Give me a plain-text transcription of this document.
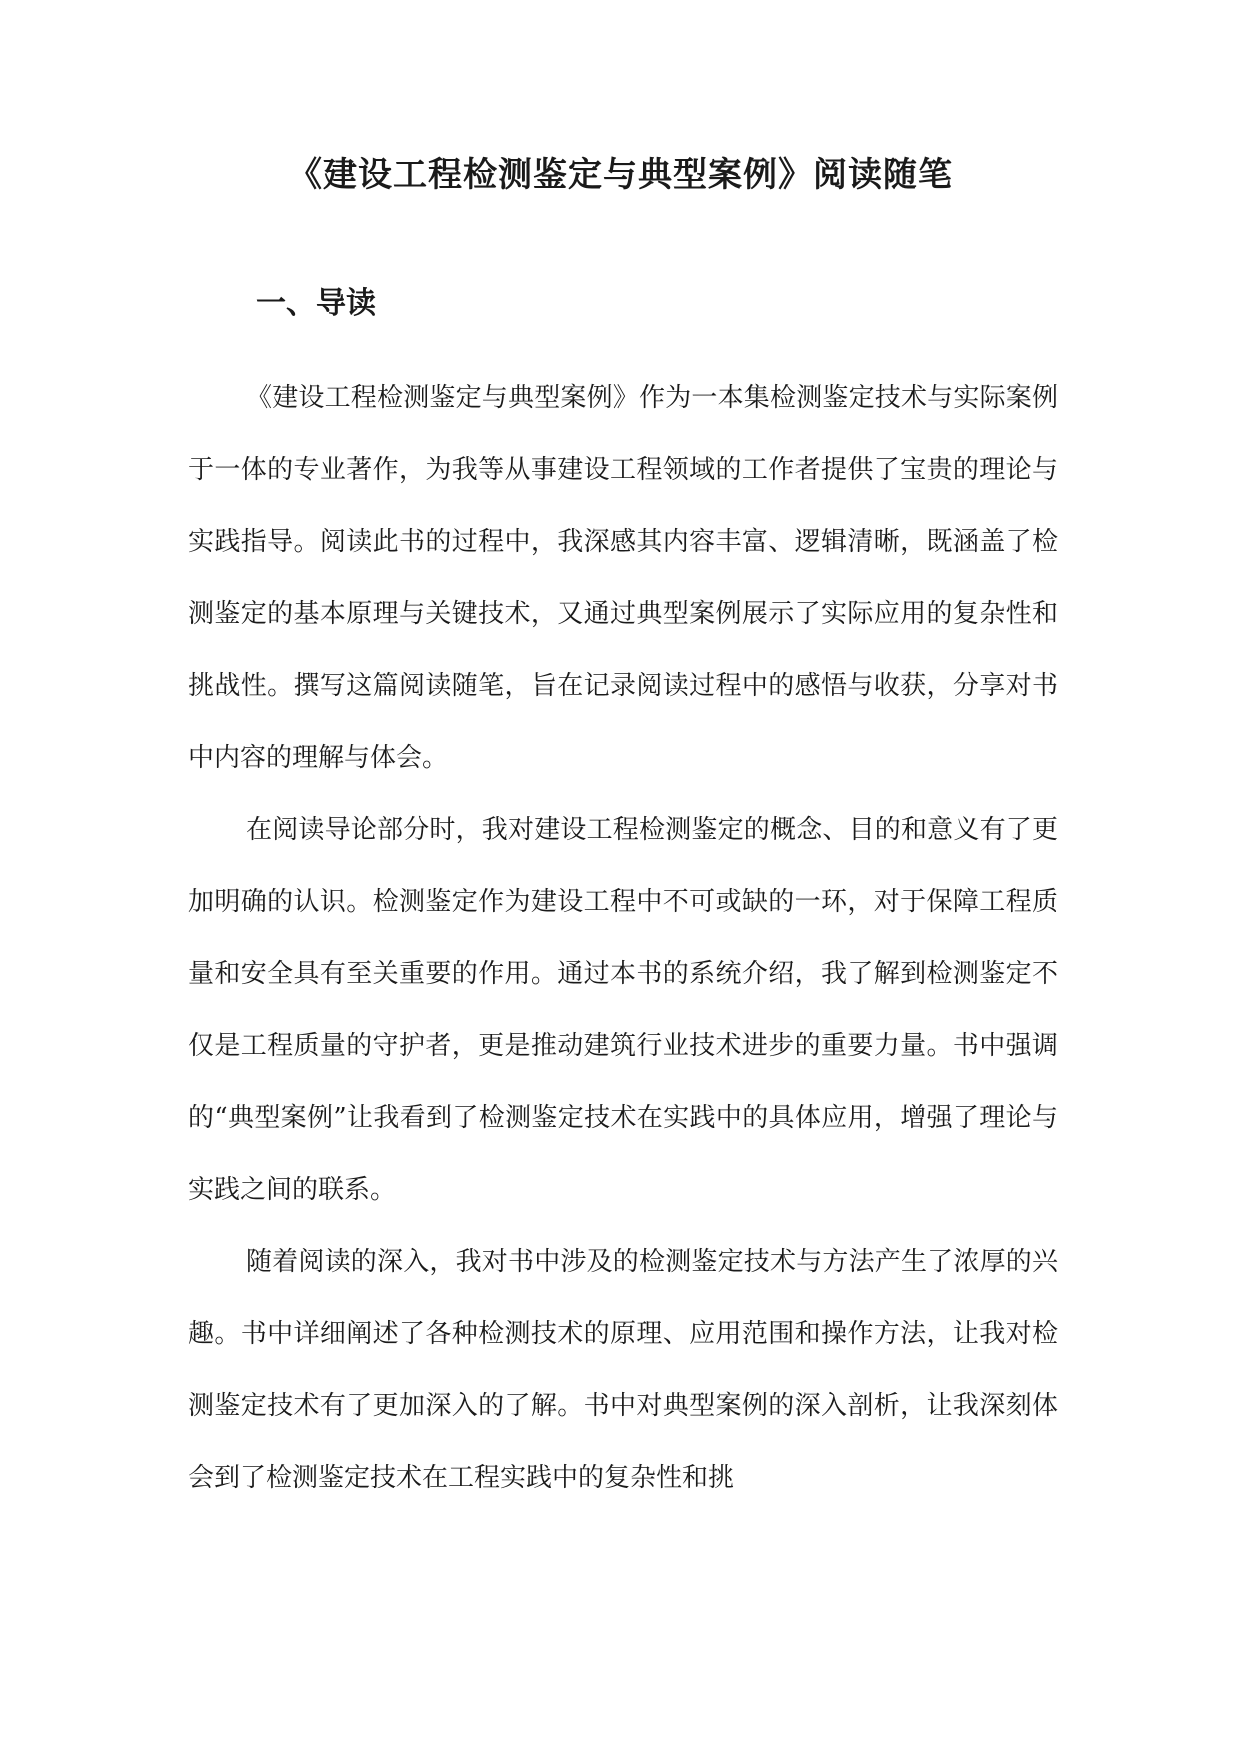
《建设工程检测鉴定与典型案例》阅读随笔
一、导读

《建设工程检测鉴定与典型案例》作为一本集检测鉴定技术与实际案例于一体的专业著作，为我等从事建设工程领域的工作者提供了宝贵的理论与实践指导。阅读此书的过程中，我深感其内容丰富、逻辑清晰，既涵盖了检测鉴定的基本原理与关键技术，又通过典型案例展示了实际应用的复杂性和挑战性。撰写这篇阅读随笔，旨在记录阅读过程中的感悟与收获，分享对书中内容的理解与体会。

在阅读导论部分时，我对建设工程检测鉴定的概念、目的和意义有了更加明确的认识。检测鉴定作为建设工程中不可或缺的一环，对于保障工程质量和安全具有至关重要的作用。通过本书的系统介绍，我了解到检测鉴定不仅是工程质量的守护者，更是推动建筑行业技术进步的重要力量。书中强调的“典型案例”让我看到了检测鉴定技术在实践中的具体应用，增强了理论与实践之间的联系。

随着阅读的深入，我对书中涉及的检测鉴定技术与方法产生了浓厚的兴趣。书中详细阐述了各种检测技术的原理、应用范围和操作方法，让我对检测鉴定技术有了更加深入的了解。书中对典型案例的深入剖析，让我深刻体会到了检测鉴定技术在工程实践中的复杂性和挑
